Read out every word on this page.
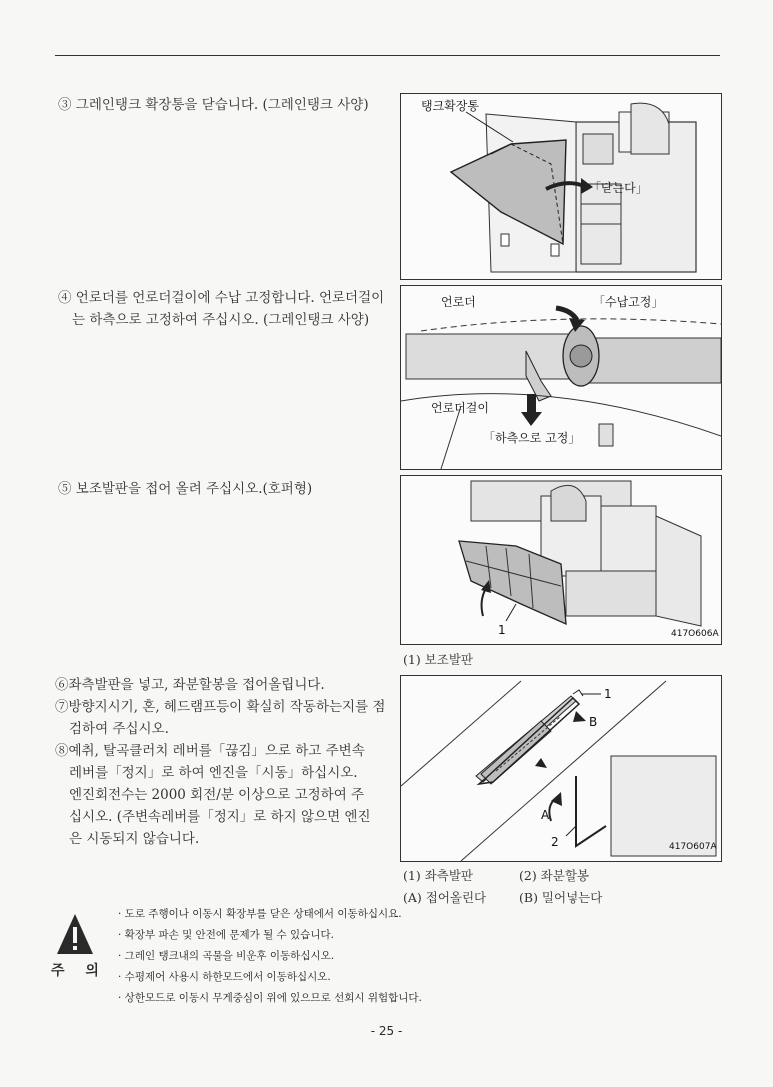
③ 그레인탱크 확장통을 닫습니다. (그레인탱크 사양)	탱크확장통
「닫는다」
④ 언로더를 언로더걸이에 수납 고정합니다. 언로더걸이
는 하측으로 고정하여 주십시오. (그레인탱크 사양)
언로더	「수납고정」
언로더걸이
「하측으로 고정」
⑤ 보조발판을 접어 올려 주십시오.(호퍼형)
1	417O606A
(1) 보조발판
⑥좌측발판을 넣고, 좌분할봉을 접어올립니다.
⑦방향지시기, 혼, 헤드램프등이 확실히 작동하는지를 점
검하여 주십시오.
⑧예취, 탈곡클러치 레버를「끊김」으로 하고 주변속
레버를「정지」로 하여 엔진을「시동」하십시오.
엔진회전수는 2000 회전/분 이상으로 고정하여 주
십시오. (주변속레버를「정지」로 하지 않으면 엔진
은 시동되지 않습니다.
1
B
A
2	417O607A
(1) 좌측발판	(2) 좌분할봉
(A) 접어올린다	(B) 밀어넣는다
주 의
· 도로 주행이나 이동시 확장부를 닫은 상태에서 이동하십시요.
· 확장부 파손 및 안전에 문제가 될 수 있습니다.
· 그레인 탱크내의 곡물을 비운후 이동하십시오.
· 수평제어 사용시 하한모드에서 이동하십시오.
· 상한모드로 이동시 무게중심이 위에 있으므로 선회시 위험합니다.
- 25 -
